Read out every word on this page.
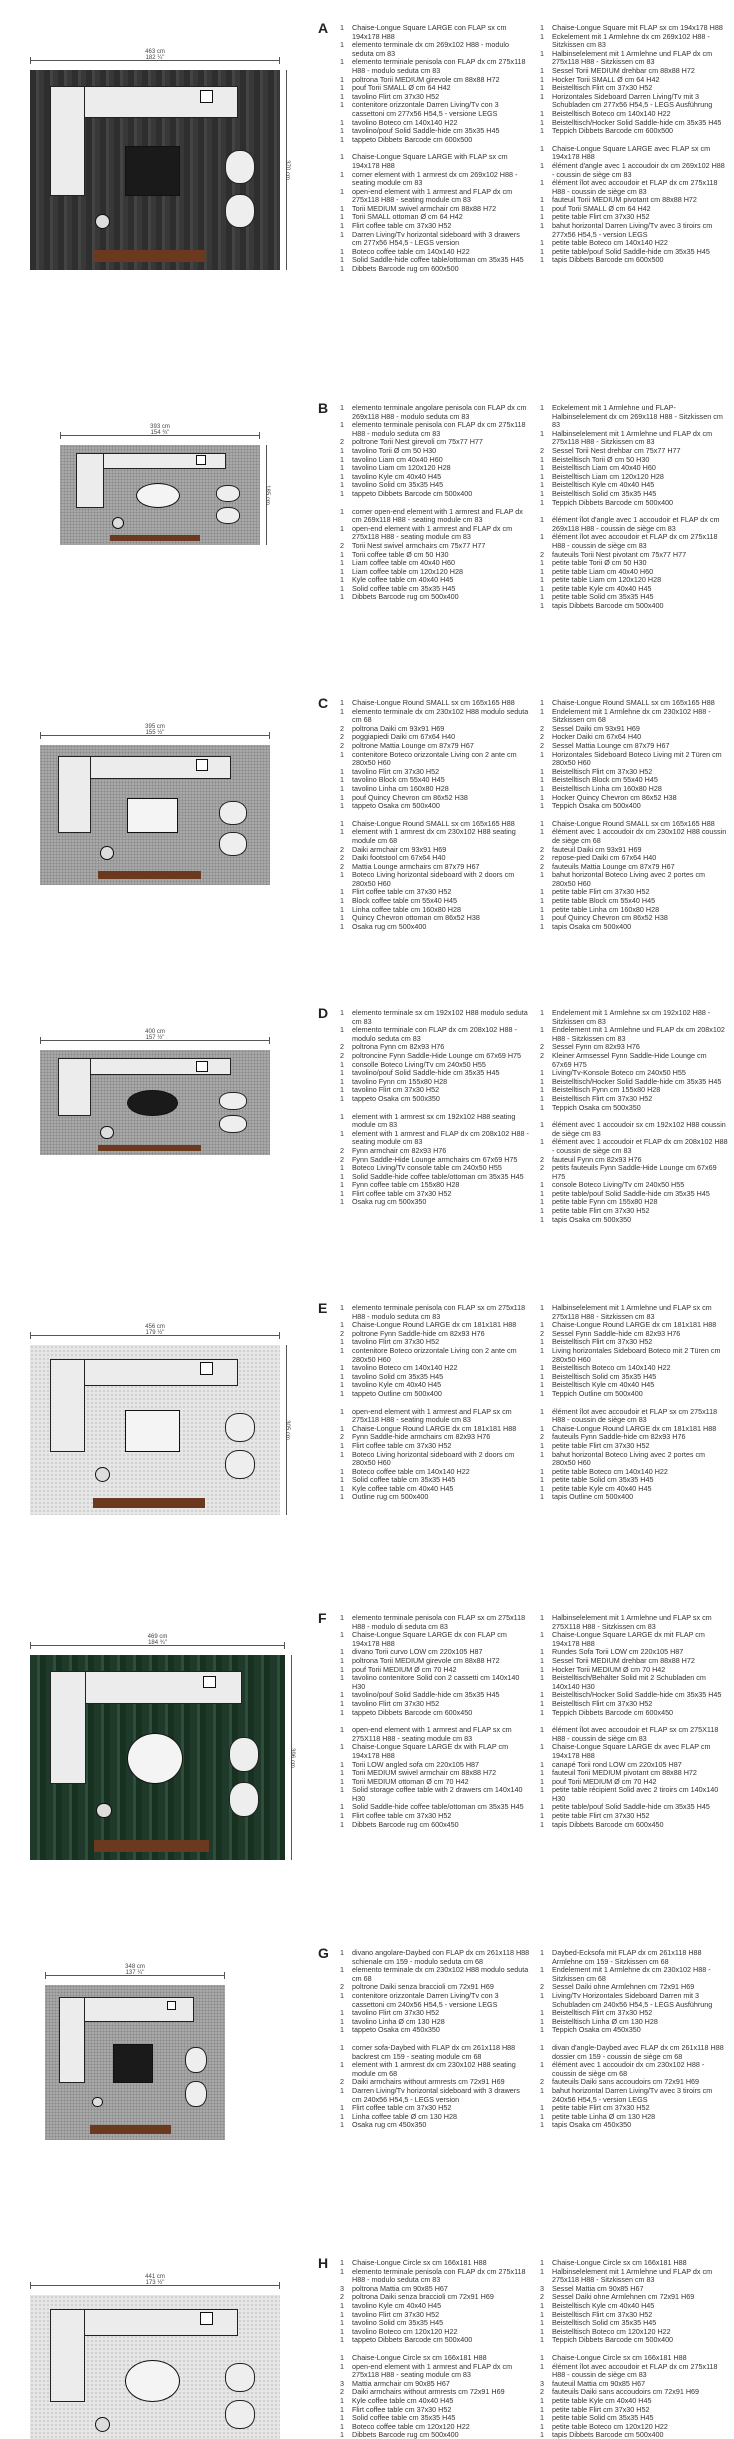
A
463 cm
182 ¼"
370 cm
1	Chaise-Longue Square LARGE con FLAP sx cm 194x178 H88
1	elemento terminale dx cm 269x102 H88 - modulo seduta cm 83
1	elemento terminale penisola con FLAP dx cm 275x118 H88 - modulo seduta cm 83
1	poltrona Torii MEDIUM girevole cm 88x88 H72
1	pouf Torii SMALL Ø cm 64 H42
1	tavolino Flirt cm 37x30 H52
1	contenitore orizzontale Darren Living/Tv con 3 cassettoni cm 277x56 H54,5 - versione LEGS
1	tavolino Boteco cm 140x140 H22
1	tavolino/pouf Solid Saddle-hide cm 35x35 H45
1	tappeto Dibbets Barcode cm 600x500
1	Chaise-Longue Square LARGE with FLAP sx cm 194x178 H88
1	corner element with 1 armrest dx cm 269x102 H88 - seating module cm 83
1	open-end element with 1 armrest and FLAP dx cm 275x118 H88 - seating module cm 83
1	Torii MEDIUM swivel armchair cm 88x88 H72
1	Torii SMALL ottoman Ø cm 64 H42
1	Flirt coffee table cm 37x30 H52
1	Darren Living/Tv horizontal sideboard with 3 drawers cm 277x56 H54,5 - LEGS version
1	Boteco coffee table cm 140x140 H22
1	Solid Saddle-hide coffee table/ottoman cm 35x35 H45
1	Dibbets Barcode rug cm 600x500
1	Chaise-Longue Square mit FLAP sx cm 194x178 H88
1	Eckelement mit 1 Armlehne dx cm 269x102 H88 - Sitzkissen cm 83
1	Halbinselelement mit 1 Armlehne und FLAP dx cm 275x118 H88 - Sitzkissen cm 83
1	Sessel Torii MEDIUM drehbar cm 88x88 H72
1	Hocker Torii SMALL Ø cm 64 H42
1	Beistelltisch Flirt cm 37x30 H52
1	Horizontales Sideboard Darren Living/Tv mit 3 Schubladen cm 277x56 H54,5 - LEGS Ausführung
1	Beistelltisch Boteco cm 140x140 H22
1	Beistelltisch/Hocker Solid Saddle-hide cm 35x35 H45
1	Teppich Dibbets Barcode cm 600x500
1	Chaise-Longue Square LARGE avec FLAP sx cm 194x178 H88
1	élément d'angle avec 1 accoudoir dx cm 269x102 H88 - coussin de siège cm 83
1	élément îlot avec accoudoir et FLAP dx cm 275x118 H88 - coussin de siège cm 83
1	fauteuil Torii MEDIUM pivotant cm 88x88 H72
1	pouf Torii SMALL Ø cm 64 H42
1	petite table Flirt cm 37x30 H52
1	bahut horizontal Darren Living/Tv avec 3 tiroirs cm 277x56 H54,5 - version LEGS
1	petite table Boteco cm 140x140 H22
1	petite table/pouf Solid Saddle-hide cm 35x35 H45
1	tapis Dibbets Barcode cm 600x500
B
393 cm
154 ¾"
185 cm
1	elemento terminale angolare penisola con FLAP dx cm 269x118 H88 - modulo seduta cm 83
1	elemento terminale penisola con FLAP dx cm 275x118 H88 - modulo seduta cm 83
2	poltrone Torii Nest girevoli cm 75x77 H77
1	tavolino Torii Ø cm 50 H30
1	tavolino Liam cm 40x40 H60
1	tavolino Liam cm 120x120 H28
1	tavolino Kyle cm 40x40 H45
1	tavolino Solid cm 35x35 H45
1	tappeto Dibbets Barcode cm 500x400
1	corner open-end element with 1 armrest and FLAP dx cm 269x118 H88 - seating module cm 83
1	open-end element with 1 armrest and FLAP dx cm 275x118 H88 - seating module cm 83
2	Torii Nest swivel armchairs cm 75x77 H77
1	Torii coffee table Ø cm 50 H30
1	Liam coffee table cm 40x40 H60
1	Liam coffee table cm 120x120 H28
1	Kyle coffee table cm 40x40 H45
1	Solid coffee table cm 35x35 H45
1	Dibbets Barcode rug cm 500x400
1	Eckelement mit 1 Armlehne und FLAP-Halbinselelement dx cm 269x118 H88 - Sitzkissen cm 83
1	Halbinselelement mit 1 Armlehne und FLAP dx cm 275x118 H88 - Sitzkissen cm 83
2	Sessel Torii Nest drehbar cm 75x77 H77
1	Beistelltisch Torii Ø cm 50 H30
1	Beistelltisch Liam cm 40x40 H60
1	Beistelltisch Liam cm 120x120 H28
1	Beistelltisch Kyle cm 40x40 H45
1	Beistelltisch Solid cm 35x35 H45
1	Teppich Dibbets Barcode cm 500x400
1	élément îlot d'angle avec 1 accoudoir et FLAP dx cm 269x118 H88 - coussin de siège cm 83
1	élément îlot avec accoudoir et FLAP dx cm 275x118 H88 - coussin de siège cm 83
2	fauteuils Torii Nest pivotant cm 75x77 H77
1	petite table Torii Ø cm 50 H30
1	petite table Liam cm 40x40 H60
1	petite table Liam cm 120x120 H28
1	petite table Kyle cm 40x40 H45
1	petite table Solid cm 35x35 H45
1	tapis Dibbets Barcode cm 500x400
C
395 cm
155 ½"
1	Chaise-Longue Round SMALL sx cm 165x165 H88
1	elemento terminale dx cm 230x102 H88 modulo seduta cm 68
2	poltrona Daiki cm 93x91 H69
2	poggiapiedi Daiki cm 67x64 H40
2	poltrone Mattia Lounge cm 87x79 H67
1	contenitore Boteco orizzontale Living con 2 ante cm 280x50 H60
1	tavolino Flirt cm 37x30 H52
1	tavolino Block cm 55x40 H45
1	tavolino Linha cm 160x80 H28
1	pouf Quincy Chevron cm 86x52 H38
1	tappeto Osaka cm 500x400
1	Chaise-Longue Round SMALL sx cm 165x165 H88
1	element with 1 armrest dx cm 230x102 H88 seating module cm 68
2	Daiki armchair cm 93x91 H69
2	Daiki footstool cm 67x64 H40
2	Mattia Lounge armchairs cm 87x79 H67
1	Boteco Living horizontal sideboard with 2 doors cm 280x50 H60
1	Flirt coffee table cm 37x30 H52
1	Block coffee table cm 55x40 H45
1	Linha coffee table cm 160x80 H28
1	Quincy Chevron ottoman cm 86x52 H38
1	Osaka rug cm 500x400
1	Chaise-Longue Round SMALL sx cm 165x165 H88
1	Endelement mit 1 Armlehne dx cm 230x102 H88 - Sitzkissen cm 68
2	Sessel Daiki cm 93x91 H69
2	Hocker Daiki cm 67x64 H40
2	Sessel Mattia Lounge cm 87x79 H67
1	Horizontales Sideboard Boteco Living mit 2 Türen cm 280x50 H60
1	Beistelltisch Flirt cm 37x30 H52
1	Beistelltisch Block cm 55x40 H45
1	Beistelltisch Linha cm 160x80 H28
1	Hocker Quincy Chevron cm 86x52 H38
1	Teppich Osaka cm 500x400
1	Chaise-Longue Round SMALL sx cm 165x165 H88
1	élément avec 1 accoudoir dx cm 230x102 H88 coussin de siège cm 68
2	fauteuil Daiki cm 93x91 H69
2	repose-pied Daiki cm 67x64 H40
2	fauteuils Mattia Lounge cm 87x79 H67
1	bahut horizontal Boteco Living avec 2 portes cm 280x50 H60
1	petite table Flirt cm 37x30 H52
1	petite table Block cm 55x40 H45
1	petite table Linha cm 160x80 H28
1	pouf Quincy Chevron cm 86x52 H38
1	tapis Osaka cm 500x400
D
400 cm
157 ½"
1	elemento terminale sx cm 192x102 H88 modulo seduta cm 83
1	elemento terminale con FLAP dx cm 208x102 H88 - modulo seduta cm 83
2	poltrona Fynn cm 82x93 H76
2	poltroncine Fynn Saddle-Hide Lounge cm 67x69 H75
1	consolle Boteco Living/Tv cm 240x50 H55
1	tavolino/pouf Solid Saddle-hide cm 35x35 H45
1	tavolino Fynn cm 155x80 H28
1	tavolino Flirt cm 37x30 H52
1	tappeto Osaka cm 500x350
1	element with 1 armrest sx cm 192x102 H88 seating module cm 83
1	element with 1 armrest and FLAP dx cm 208x102 H88 - seating module cm 83
2	Fynn armchair cm 82x93 H76
2	Fynn Saddle-Hide Lounge armchairs cm 67x69 H75
1	Boteco Living/Tv console table cm 240x50 H55
1	Solid Saddle-hide coffee table/ottoman cm 35x35 H45
1	Fynn coffee table cm 155x80 H28
1	Flirt coffee table cm 37x30 H52
1	Osaka rug cm 500x350
1	Endelement mit 1 Armlehne sx cm 192x102 H88 - Sitzkissen cm 83
1	Endelement mit 1 Armlehne und FLAP dx cm 208x102 H88 - Sitzkissen cm 83
2	Sessel Fynn cm 82x93 H76
2	Kleiner Armsessel Fynn Saddle-Hide Lounge cm 67x69 H75
1	Living/Tv-Konsole Boteco cm 240x50 H55
1	Beistelltisch/Hocker Solid Saddle-hide cm 35x35 H45
1	Beistelltisch Fynn cm 155x80 H28
1	Beistelltisch Flirt cm 37x30 H52
1	Teppich Osaka cm 500x350
1	élément avec 1 accoudoir sx cm 192x102 H88 coussin de siège cm 83
1	élément avec 1 accoudoir et FLAP dx cm 208x102 H88 - coussin de siège cm 83
2	fauteuil Fynn cm 82x93 H76
2	petits fauteuils Fynn Saddle-Hide Lounge cm 67x69 H75
1	console Boteco Living/Tv cm 240x50 H55
1	petite table/pouf Solid Saddle-hide cm 35x35 H45
1	petite table Fynn cm 155x80 H28
1	petite table Flirt cm 37x30 H52
1	tapis Osaka cm 500x350
E
456 cm
179 ½"
305 cm
1	elemento terminale penisola con FLAP sx cm 275x118 H88 - modulo seduta cm 83
1	Chaise-Longue Round LARGE dx cm 181x181 H88
2	poltrone Fynn Saddle-hide cm 82x93 H76
1	tavolino Flirt cm 37x30 H52
1	contenitore Boteco orizzontale Living con 2 ante cm 280x50 H60
1	tavolino Boteco cm 140x140 H22
1	tavolino Solid cm 35x35 H45
1	tavolino Kyle cm 40x40 H45
1	tappeto Outline cm 500x400
1	open-end element with 1 armrest and FLAP sx cm 275x118 H88 - seating module cm 83
1	Chaise-Longue Round LARGE dx cm 181x181 H88
2	Fynn Saddle-hide armchairs cm 82x93 H76
1	Flirt coffee table cm 37x30 H52
1	Boteco Living horizontal sideboard with 2 doors cm 280x50 H60
1	Boteco coffee table cm 140x140 H22
1	Solid coffee table cm 35x35 H45
1	Kyle coffee table cm 40x40 H45
1	Outline rug cm 500x400
1	Halbinselelement mit 1 Armlehne und FLAP sx cm 275x118 H88 - Sitzkissen cm 83
1	Chaise-Longue Round LARGE dx cm 181x181 H88
2	Sessel Fynn Saddle-hide cm 82x93 H76
1	Beistelltisch Flirt cm 37x30 H52
1	Living horizontales Sideboard Boteco mit 2 Türen cm 280x50 H60
1	Beistelltisch Boteco cm 140x140 H22
1	Beistelltisch Solid cm 35x35 H45
1	Beistelltisch Kyle cm 40x40 H45
1	Teppich Outline cm 500x400
1	élément îlot avec accoudoir et FLAP sx cm 275x118 H88 - coussin de siège cm 83
1	Chaise-Longue Round LARGE dx cm 181x181 H88
2	fauteuils Fynn Saddle-hide cm 82x93 H76
1	petite table Flirt cm 37x30 H52
1	bahut horizontal Boteco Living avec 2 portes cm 280x50 H60
1	petite table Boteco cm 140x140 H22
1	petite table Solid cm 35x35 H45
1	petite table Kyle cm 40x40 H45
1	tapis Outline cm 500x400
F
469 cm
184 ¾"
396 cm
1	elemento terminale penisola con FLAP sx cm 275x118 H88 - modulo di seduta cm 83
1	Chaise-Longue Square LARGE dx con FLAP cm 194x178 H88
1	divano Torii curvo LOW cm 220x105 H87
1	poltrona Torii MEDIUM girevole cm 88x88 H72
1	pouf Torii MEDIUM Ø cm 70 H42
1	tavolino contenitore Solid con 2 cassetti cm 140x140 H30
1	tavolino/pouf Solid Saddle-hide cm 35x35 H45
1	tavolino Flirt cm 37x30 H52
1	tappeto Dibbets Barcode cm 600x450
1	open-end element with 1 armrest and FLAP sx cm 275X118 H88 - seating module cm 83
1	Chaise-Longue Square LARGE dx with FLAP cm 194x178 H88
1	Torii LOW angled sofa cm 220x105 H87
1	Torii MEDIUM swivel armchair cm 88x88 H72
1	Torii MEDIUM ottoman Ø cm 70 H42
1	Solid storage coffee table with 2 drawers cm 140x140 H30
1	Solid Saddle-hide coffee table/ottoman cm 35x35 H45
1	Flirt coffee table cm 37x30 H52
1	Dibbets Barcode rug cm 600x450
1	Halbinselelement mit 1 Armlehne und FLAP sx cm 275X118 H88 - Sitzkissen cm 83
1	Chaise-Longue Square LARGE dx mit FLAP cm 194x178 H88
1	Rundes Sofa Torii LOW cm 220x105 H87
1	Sessel Torii MEDIUM drehbar cm 88x88 H72
1	Hocker Torii MEDIUM Ø cm 70 H42
1	Beistelltisch/Behälter Solid mit 2 Schubladen cm 140x140 H30
1	Beistelltisch/Hocker Solid Saddle-hide cm 35x35 H45
1	Beistelltisch Flirt cm 37x30 H52
1	Teppich Dibbets Barcode cm 600x450
1	élément îlot avec accoudoir et FLAP sx cm 275X118 H88 - coussin de siège cm 83
1	Chaise-Longue Square LARGE dx avec FLAP cm 194x178 H88
1	canapé Torii rond LOW cm 220x105 H87
1	fauteuil Torii MEDIUM pivotant cm 88x88 H72
1	pouf Torii MEDIUM Ø cm 70 H42
1	petite table récipient Solid avec 2 tiroirs cm 140x140 H30
1	petite table/pouf Solid Saddle-hide cm 35x35 H45
1	petite table Flirt cm 37x30 H52
1	tapis Dibbets Barcode cm 600x450
G
348 cm
137 ¼"
1	divano angolare-Daybed con FLAP dx cm 261x118 H88 schienale cm 159 - modulo seduta cm 68
1	elemento terminale dx cm 230x102 H88 modulo seduta cm 68
2	poltrone Daiki senza braccioli cm 72x91 H69
1	contenitore orizzontale Darren Living/Tv con 3 cassettoni cm 240x56 H54,5 - versione LEGS
1	tavolino Flirt cm 37x30 H52
1	tavolino Linha Ø cm 130 H28
1	tappeto Osaka cm 450x350
1	corner sofa-Daybed with FLAP dx cm 261x118 H88 backrest cm 159 - seating module cm 68
1	element with 1 armrest dx cm 230x102 H88 seating module cm 68
2	Daiki armchairs without armrests cm 72x91 H69
1	Darren Living/Tv horizontal sideboard with 3 drawers cm 240x56 H54,5 - LEGS version
1	Flirt coffee table cm 37x30 H52
1	Linha coffee table Ø cm 130 H28
1	Osaka rug cm 450x350
1	Daybed-Ecksofa mit FLAP dx cm 261x118 H88 Armlehne cm 159 - Sitzkissen cm 68
1	Endelement mit 1 Armlehne dx cm 230x102 H88 - Sitzkissen cm 68
2	Sessel Daiki ohne Armlehnen cm 72x91 H69
1	Living/Tv Horizontales Sideboard Darren mit 3 Schubladen cm 240x56 H54,5 - LEGS Ausführung
1	Beistelltisch Flirt cm 37x30 H52
1	Beistelltisch Linha Ø cm 130 H28
1	Teppich Osaka cm 450x350
1	divan d'angle-Daybed avec FLAP dx cm 261x118 H88 dossier cm 159 - coussin de siège cm 68
1	élément avec 1 accoudoir dx cm 230x102 H88 - coussin de siège cm 68
2	fauteuils Daiki sans accoudoirs cm 72x91 H69
1	bahut horizontal Darren Living/Tv avec 3 tiroirs cm 240x56 H54,5 - version LEGS
1	petite table Flirt cm 37x30 H52
1	petite table Linha Ø cm 130 H28
1	tapis Osaka cm 450x350
H
441 cm
173 ½"
1	Chaise-Longue Circle sx cm 166x181 H88
1	elemento terminale penisola con FLAP dx cm 275x118 H88 - modulo seduta cm 83
3	poltrona Mattia cm 90x85 H67
2	poltrona Daiki senza braccioli cm 72x91 H69
1	tavolino Kyle cm 40x40 H45
1	tavolino Flirt cm 37x30 H52
1	tavolino Solid cm 35x35 H45
1	tavolino Boteco cm 120x120 H22
1	tappeto Dibbets Barcode cm 500x400
1	Chaise-Longue Circle sx cm 166x181 H88
1	open-end element with 1 armrest and FLAP dx cm 275x118 H88 - seating module cm 83
3	Mattia armchair cm 90x85 H67
2	Daiki armchairs without armrests cm 72x91 H69
1	Kyle coffee table cm 40x40 H45
1	Flirt coffee table cm 37x30 H52
1	Solid coffee table cm 35x35 H45
1	Boteco coffee table cm 120x120 H22
1	Dibbets Barcode rug cm 500x400
1	Chaise-Longue Circle sx cm 166x181 H88
1	Halbinselelement mit 1 Armlehne und FLAP dx cm 275x118 H88 - Sitzkissen cm 83
3	Sessel Mattia cm 90x85 H67
2	Sessel Daiki ohne Armlehnen cm 72x91 H69
1	Beistelltisch Kyle cm 40x40 H45
1	Beistelltisch Flirt cm 37x30 H52
1	Beistelltisch Solid cm 35x35 H45
1	Beistelltisch Boteco cm 120x120 H22
1	Teppich Dibbets Barcode cm 500x400
1	Chaise-Longue Circle sx cm 166x181 H88
1	élément îlot avec accoudoir et FLAP dx cm 275x118 H88 - coussin de siège cm 83
3	fauteuil Mattia cm 90x85 H67
2	fauteuils Daiki sans accoudoirs cm 72x91 H69
1	petite table Kyle cm 40x40 H45
1	petite table Flirt cm 37x30 H52
1	petite table Solid cm 35x35 H45
1	petite table Boteco cm 120x120 H22
1	tapis Dibbets Barcode cm 500x400
